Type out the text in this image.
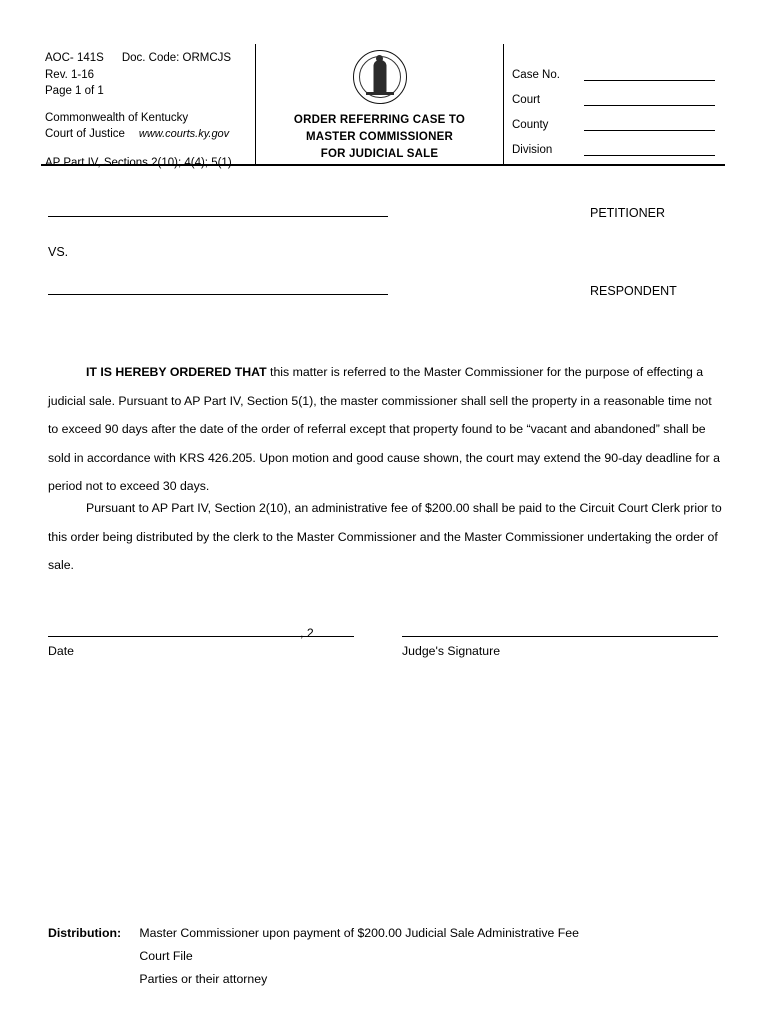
AOC- 141S Doc. Code: ORMCJS
Rev. 1-16
Page 1 of 1
Commonwealth of Kentucky
Court of Justice www.courts.ky.gov
AP Part IV, Sections 2(10); 4(4); 5(1)
ORDER REFERRING CASE TO
MASTER COMMISSIONER
FOR JUDICIAL SALE
Case No.
Court
County
Division
PETITIONER
VS.
RESPONDENT
IT IS HEREBY ORDERED THAT this matter is referred to the Master Commissioner for the purpose of effecting a judicial sale. Pursuant to AP Part IV, Section 5(1), the master commissioner shall sell the property in a reasonable time not to exceed 90 days after the date of the order of referral except that property found to be “vacant and abandoned” shall be sold in accordance with KRS 426.205. Upon motion and good cause shown, the court may extend the 90-day deadline for a period not to exceed 30 days.
Pursuant to AP Part IV, Section 2(10), an administrative fee of $200.00 shall be paid to the Circuit Court Clerk prior to this order being distributed by the clerk to the Master Commissioner and the Master Commissioner undertaking the order of sale.
, 2
Date	Judge's Signature
Distribution: Master Commissioner upon payment of $200.00 Judicial Sale Administrative Fee
Court File
Parties or their attorney
